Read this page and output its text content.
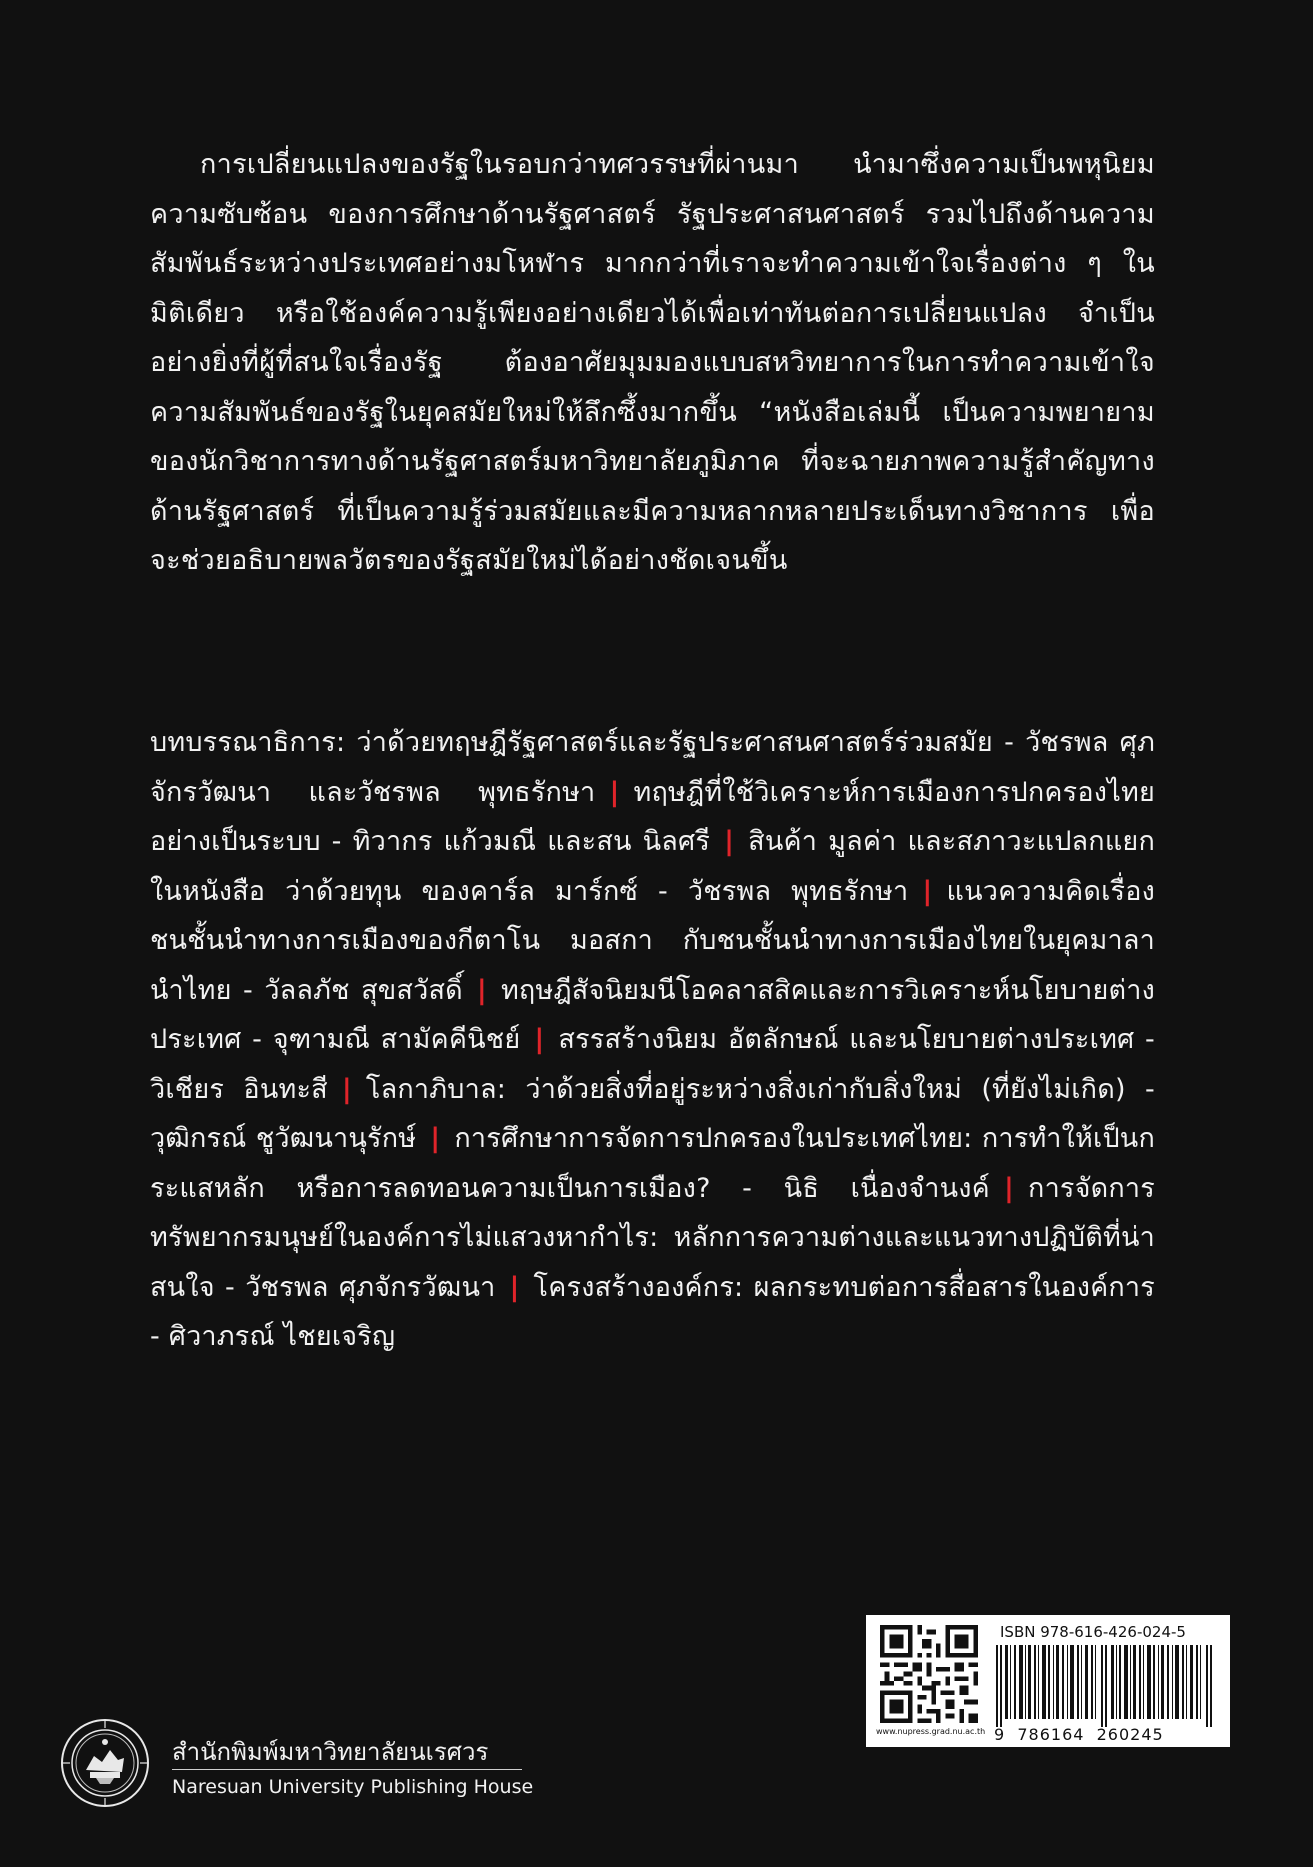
การเปลี่ยนแปลงของรัฐในรอบกว่าทศวรรษที่ผ่านมา นำมาซึ่งความเป็นพหุนิยม ความซับซ้อน ของการศึกษาด้านรัฐศาสตร์ รัฐประศาสนศาสตร์ รวมไปถึงด้านความสัมพันธ์ระหว่างประเทศอย่างมโหฬาร มากกว่าที่เราจะทำความเข้าใจเรื่องต่าง ๆ ในมิติเดียว หรือใช้องค์ความรู้เพียงอย่างเดียวได้เพื่อเท่าทันต่อการเปลี่ยนแปลง จำเป็นอย่างยิ่งที่ผู้ที่สนใจเรื่องรัฐ ต้องอาศัยมุมมองแบบสหวิทยาการในการทำความเข้าใจความสัมพันธ์ของรัฐในยุคสมัยใหม่ให้ลึกซึ้งมากขึ้น “หนังสือเล่มนี้ เป็นความพยายามของนักวิชาการทางด้านรัฐศาสตร์มหาวิทยาลัยภูมิภาค ที่จะฉายภาพความรู้สำคัญทางด้านรัฐศาสตร์ ที่เป็นความรู้ร่วมสมัยและมีความหลากหลายประเด็นทางวิชาการ เพื่อจะช่วยอธิบายพลวัตรของรัฐสมัยใหม่ได้อย่างชัดเจนขึ้น

บทบรรณาธิการ: ว่าด้วยทฤษฎีรัฐศาสตร์และรัฐประศาสนศาสตร์ร่วมสมัย - วัชรพล ศุภจักรวัฒนา และวัชรพล พุทธรักษา | ทฤษฎีที่ใช้วิเคราะห์การเมืองการปกครองไทยอย่างเป็นระบบ - ทิวากร แก้วมณี และสน นิลศรี | สินค้า มูลค่า และสภาวะแปลกแยกในหนังสือ ว่าด้วยทุน ของคาร์ล มาร์กซ์ - วัชรพล พุทธรักษา | แนวความคิดเรื่องชนชั้นนำทางการเมืองของกีตาโน มอสกา กับชนชั้นนำทางการเมืองไทยในยุคมาลานำไทย - วัลลภัช สุขสวัสดิ์ | ทฤษฎีสัจนิยมนีโอคลาสสิคและการวิเคราะห์นโยบายต่างประเทศ - จุฑามณี สามัคคีนิชย์ | สรรสร้างนิยม อัตลักษณ์ และนโยบายต่างประเทศ - วิเชียร อินทะสี | โลกาภิบาล: ว่าด้วยสิ่งที่อยู่ระหว่างสิ่งเก่ากับสิ่งใหม่ (ที่ยังไม่เกิด) - วุฒิกรณ์ ชูวัฒนานุรักษ์ | การศึกษาการจัดการปกครองในประเทศไทย: การทำให้เป็นกระแสหลัก หรือการลดทอนความเป็นการเมือง? - นิธิ เนื่องจำนงค์ | การจัดการทรัพยากรมนุษย์ในองค์การไม่แสวงหากำไร: หลักการความต่างและแนวทางปฏิบัติที่น่าสนใจ - วัชรพล ศุภจักรวัฒนา | โครงสร้างองค์กร: ผลกระทบต่อการสื่อสารในองค์การ - ศิวาภรณ์ ไชยเจริญ

สำนักพิมพ์มหาวิทยาลัยนเรศวร
Naresuan University Publishing House
www.nupress.grad.nu.ac.th
ISBN 978-616-426-024-5
9  786164  260245
